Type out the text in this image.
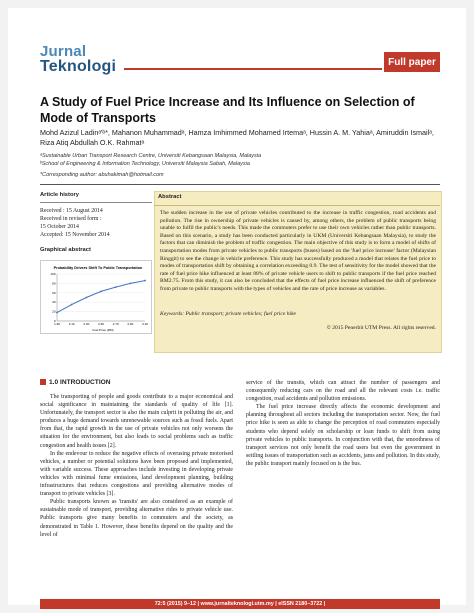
Jurnal
Teknologi	Full paper
A Study of Fuel Price Increase and Its Influence on Selection of Mode of Transports
Mohd Azizul Ladinᵃ'ᵇ*, Mahanon Muhammadᵃ, Hamza Imhimmed Mohamed Irtemaᵃ, Hussin A. M. Yahiaᵃ, Amiruddin Ismailᵃ, Riza Atiq Abdullah O.K. Rahmatᵃ
ᵃSustainable Urban Transport Research Centre, Universiti Kebangsaan Malaysia, Malaysia
ᵇSchool of Engineering & Information Technology, Universiti Malaysia Sabah, Malaysia
*Corresponding author: abuhakimah@hotmail.com
Article history
Received : 15 August 2014
Received in revised form :
15 October 2014
Accepted: 15 November 2014
Graphical abstract
Probability Drivers Shift To Public Transportation
Fuel Price (RM)
0
20
40
60
80
100
1.90	2.10	2.30	2.50	2.70	2.90	3.10
Abstract
The sudden increase in the use of private vehicles contributed to the increase in traffic congestion, road accidents and pollution. The rise in ownership of private vehicles is caused by, among others, the problem of public transports being unable to fulfil the public's needs. This made the commuters prefer to use their own vehicles rather than public transports. Based on this scenario, a study has been conducted particularly in UKM (Universiti Kebangsaan Malaysia), to study the factors that can diminish the problem of traffic congestion. The main objective of this study is to form a model of shifts of transportation modes from private vehicles to public transports (buses) based on the 'fuel price increase' factor (Malaysian Ringgit) to see the change in vehicle preference. This study has successfully produced a model that relates the fuel price to modes of transportation shift by obtaining a correlation exceeding 0.9. The test of sensitivity for the model showed that the rate of fuel price hike influenced at least 88% of private vehicle users to shift to public transports if the fuel price reached RM2.75. From this study, it can also be concluded that the effects of fuel price increase influenced the shift of preference from private to public transports with the types of vehicles and the rate of price increase as variables.
Keywords: Public transport; private vehicles; fuel price hike
© 2015 Penerbit UTM Press. All rights reserved.
1.0 INTRODUCTION

The transporting of people and goods contribute to a major economical and social significance in maintaining the standards of quality of life [1]. Unfortunately, the transport sector is also the main culprit in polluting the air, and produces a huge demand towards unrenewable sources such as fossil fuels. Apart from that, the rapid growth in the use of private vehicles not only worsens the situation for the environment, but also leads to social problems such as traffic congestion and health issues [2].

In the endevour to reduce the negative effects of overusing private motorised vehicles, a number or potential solutions have been proposed and implemented, with variable success. These approaches include investing in developing private vehicles with minimal fume emissions, land development planning, building infrastructures that reduces congestions and providing alternative modes of transport to private vehicles [3].

Public transports known as 'transits' are also considered as an example of sustainable mode of transport, providing alternative rides to private vehicle use. Public transports give many benefits to commuters and the society, as demonstrated in Table 1. However, these benefits depend on the quality and the level of

service of the transits, which can attract the number of passengers and consequently reducing cars on the road and all the relevant costs i.e. traffic congestion, road accidents and pollution emissions.

The fuel price increase directly affects the economic development and planning throughout all sectors including the transportation sector. Now, the fuel price hike is seen as able to change the perception of road commuters especially students who depend solely on scholarship or loan funds to shift from using private vehicles to public transports. In conjunction with that, the smoothness of transport services not only benefit the road users but even the government in settling issues of transportation such as accidents, jams and pollution. In this study, the public transport mainly focused on is the bus.

72:5 (2015) 9–12 | www.jurnalteknologi.utm.my | eISSN 2180–3722 |
